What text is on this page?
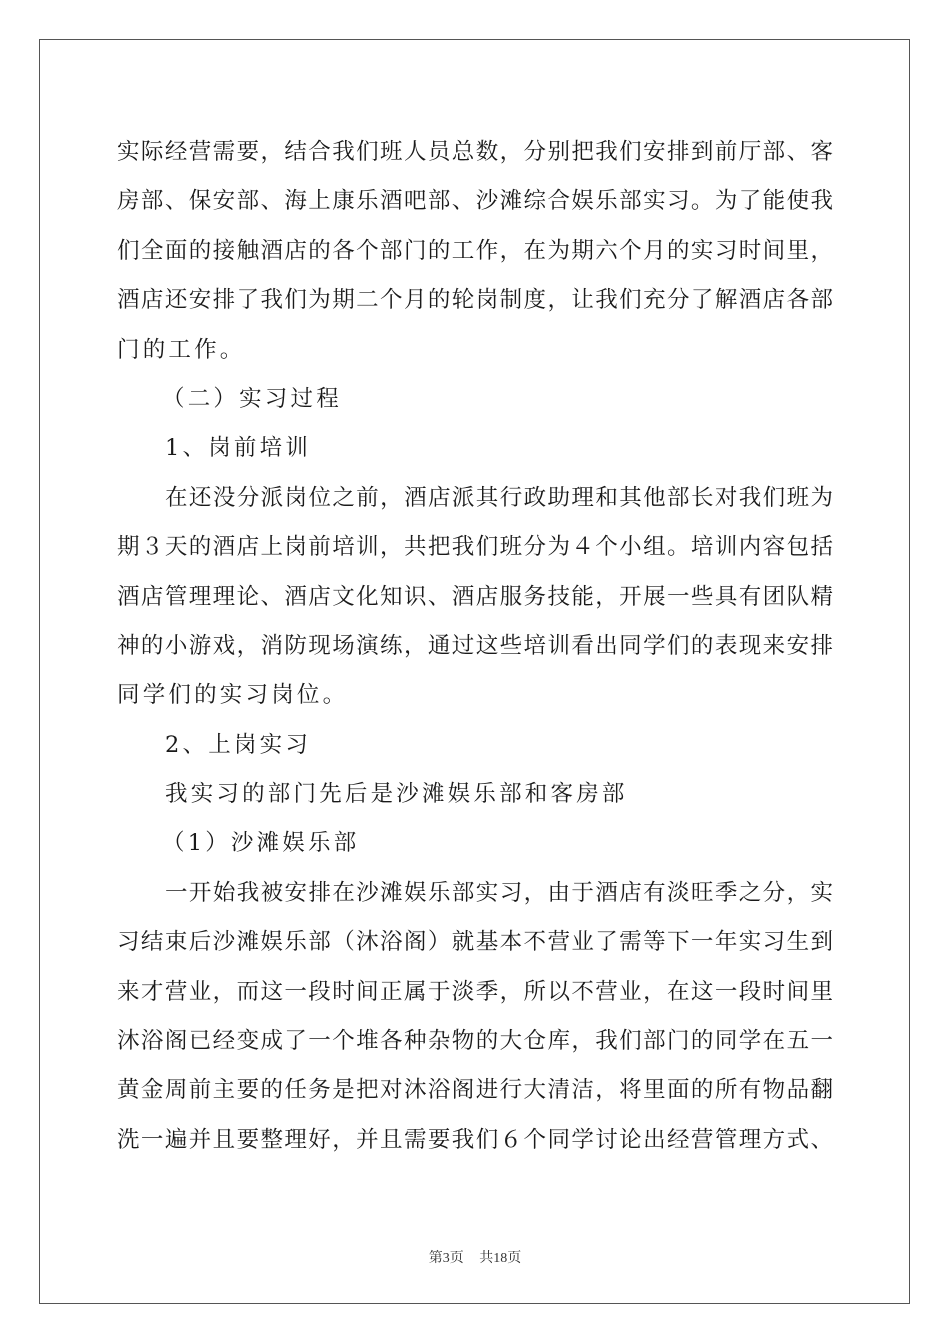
实际经营需要，结合我们班人员总数，分别把我们安排到前厅部、客
房部、保安部、海上康乐酒吧部、沙滩综合娱乐部实习。为了能使我
们全面的接触酒店的各个部门的工作，在为期六个月的实习时间里，
酒店还安排了我们为期二个月的轮岗制度，让我们充分了解酒店各部
门的工作。
（二）实习过程
1、岗前培训
在还没分派岗位之前，酒店派其行政助理和其他部长对我们班为
期３天的酒店上岗前培训，共把我们班分为４个小组。培训内容包括
酒店管理理论、酒店文化知识、酒店服务技能，开展一些具有团队精
神的小游戏，消防现场演练，通过这些培训看出同学们的表现来安排
同学们的实习岗位。
2、上岗实习
我实习的部门先后是沙滩娱乐部和客房部
（1）沙滩娱乐部
一开始我被安排在沙滩娱乐部实习，由于酒店有淡旺季之分，实
习结束后沙滩娱乐部（沐浴阁）就基本不营业了需等下一年实习生到
来才营业，而这一段时间正属于淡季，所以不营业，在这一段时间里
沐浴阁已经变成了一个堆各种杂物的大仓库，我们部门的同学在五一
黄金周前主要的任务是把对沐浴阁进行大清洁，将里面的所有物品翻
洗一遍并且要整理好，并且需要我们６个同学讨论出经营管理方式、
第3页 共18页
